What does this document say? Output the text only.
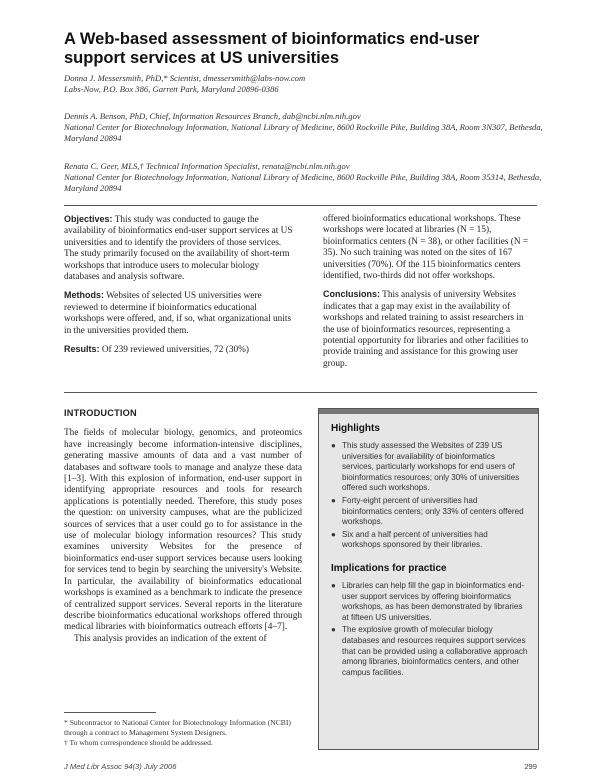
A Web-based assessment of bioinformatics end-user support services at US universities
Donna J. Messersmith, PhD,* Scientist, dmessersmith@labs-now.com
Labs-Now, P.O. Box 386, Garrett Park, Maryland 20896-0386
Dennis A. Benson, PhD, Chief, Information Resources Branch, dab@ncbi.nlm.nih.gov
National Center for Biotechnology Information, National Library of Medicine, 8600 Rockville Pike, Building 38A, Room 3N307, Bethesda, Maryland 20894
Renata C. Geer, MLS,† Technical Information Specialist, renata@ncbi.nlm.nih.gov
National Center for Biotechnology Information, National Library of Medicine, 8600 Rockville Pike, Building 38A, Room 35314, Bethesda, Maryland 20894

Objectives: This study was conducted to gauge the availability of bioinformatics end-user support services at US universities and to identify the providers of those services. The study primarily focused on the availability of short-term workshops that introduce users to molecular biology databases and analysis software.

Methods: Websites of selected US universities were reviewed to determine if bioinformatics educational workshops were offered, and, if so, what organizational units in the universities provided them.

Results: Of 239 reviewed universities, 72 (30%)

offered bioinformatics educational workshops. These workshops were located at libraries (N = 15), bioinformatics centers (N = 38), or other facilities (N = 35). No such training was noted on the sites of 167 universities (70%). Of the 115 bioinformatics centers identified, two-thirds did not offer workshops.

Conclusions: This analysis of university Websites indicates that a gap may exist in the availability of workshops and related training to assist researchers in the use of bioinformatics resources, representing a potential opportunity for libraries and other facilities to provide training and assistance for this growing user group.

INTRODUCTION

The fields of molecular biology, genomics, and proteomics have increasingly become information-intensive disciplines, generating massive amounts of data and a vast number of databases and software tools to manage and analyze these data [1–3]. With this explosion of information, end-user support in identifying appropriate resources and tools for research applications is potentially needed. Therefore, this study poses the question: on university campuses, what are the publicized sources of services that a user could go to for assistance in the use of molecular biology information resources? This study examines university Websites for the presence of bioinformatics end-user support services because users looking for services tend to begin by searching the university's Website. In particular, the availability of bioinformatics educational workshops is examined as a benchmark to indicate the presence of centralized support services. Several reports in the literature describe bioinformatics educational workshops offered through medical libraries with bioinformatics outreach efforts [4–7].

This analysis provides an indication of the extent of

Highlights
● This study assessed the Websites of 239 US universities for availability of bioinformatics services, particularly workshops for end users of bioinformatics resources; only 30% of universities offered such workshops.
● Forty-eight percent of universities had bioinformatics centers; only 33% of centers offered workshops.
● Six and a half percent of universities had workshops sponsored by their libraries.
Implications for practice
● Libraries can help fill the gap in bioinformatics end-user support services by offering bioinformatics workshops, as has been demonstrated by libraries at fifteen US universities.
● The explosive growth of molecular biology databases and resources requires support services that can be provided using a collaborative approach among libraries, bioinformatics centers, and other campus facilities.
* Subcontractor to National Center for Biotechnology Information (NCBI) through a contract to Management System Designers.
† To whom correspondence should be addressed.
J Med Libr Assoc 94(3) July 2006	299
